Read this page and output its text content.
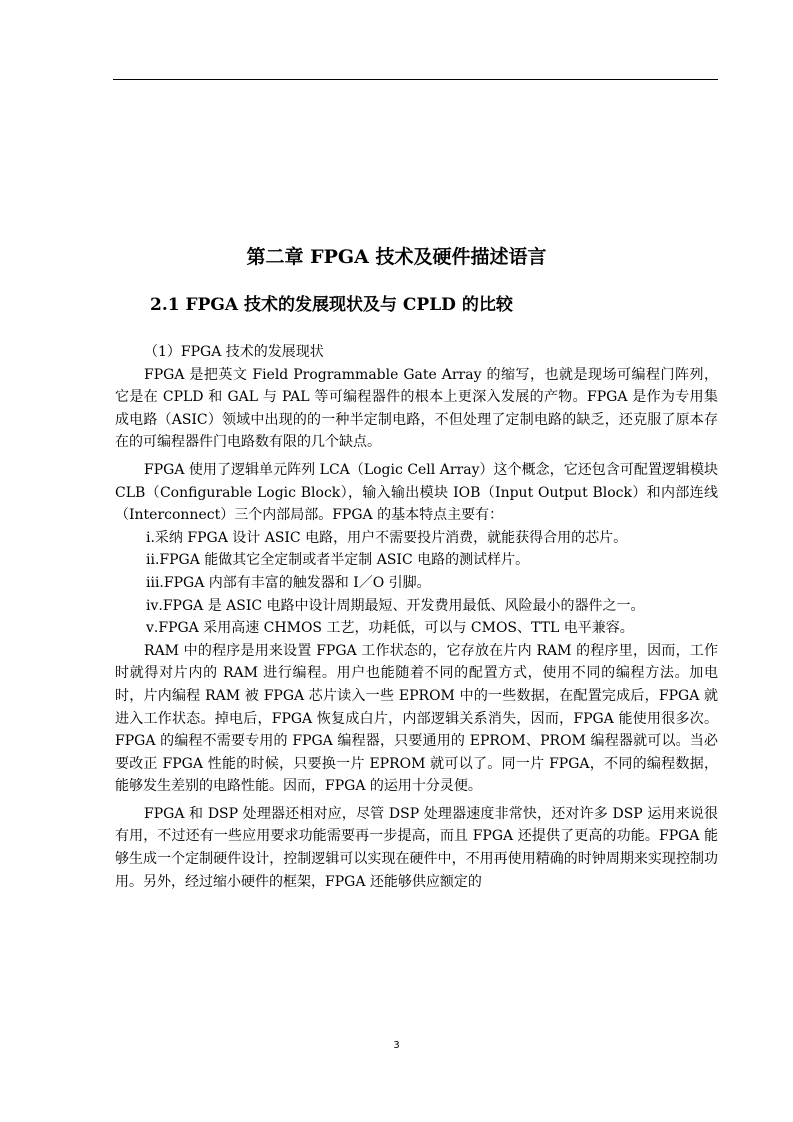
第二章 FPGA 技术及硬件描述语言
2.1 FPGA 技术的发展现状及与 CPLD 的比较

（1）FPGA 技术的发展现状

FPGA 是把英文 Field Programmable Gate Array 的缩写，也就是现场可编程门阵列，它是在 CPLD 和 GAL 与 PAL 等可编程器件的根本上更深入发展的产物。FPGA 是作为专用集成电路（ASIC）领域中出现的的一种半定制电路，不但处理了定制电路的缺乏，还克服了原本存在的可编程器件门电路数有限的几个缺点。

FPGA 使用了逻辑单元阵列 LCA（Logic Cell Array）这个概念，它还包含可配置逻辑模块 CLB（Configurable Logic Block），输入输出模块 IOB（Input Output Block）和内部连线（Interconnect）三个内部局部。FPGA 的基本特点主要有：

ⅰ.采纳 FPGA 设计 ASIC 电路，用户不需要投片消费，就能获得合用的芯片。

ⅱ.FPGA 能做其它全定制或者半定制 ASIC 电路的测试样片。

ⅲ.FPGA 内部有丰富的触发器和 I／O 引脚。

ⅳ.FPGA 是 ASIC 电路中设计周期最短、开发费用最低、风险最小的器件之一。

ⅴ.FPGA 采用高速 CHMOS 工艺，功耗低，可以与 CMOS、TTL 电平兼容。

RAM 中的程序是用来设置 FPGA 工作状态的，它存放在片内 RAM 的程序里，因而，工作时就得对片内的 RAM 进行编程。用户也能随着不同的配置方式，使用不同的编程方法。加电时，片内编程 RAM 被 FPGA 芯片读入一些 EPROM 中的一些数据，在配置完成后，FPGA 就进入工作状态。掉电后，FPGA 恢复成白片，内部逻辑关系消失，因而，FPGA 能使用很多次。FPGA 的编程不需要专用的 FPGA 编程器，只要通用的 EPROM、PROM 编程器就可以。当必要改正 FPGA 性能的时候，只要换一片 EPROM 就可以了。同一片 FPGA，不同的编程数据，能够发生差别的电路性能。因而，FPGA 的运用十分灵便。

FPGA 和 DSP 处理器还相对应，尽管 DSP 处理器速度非常快，还对许多 DSP 运用来说很有用，不过还有一些应用要求功能需要再一步提高，而且 FPGA 还提供了更高的功能。FPGA 能够生成一个定制硬件设计，控制逻辑可以实现在硬件中，不用再使用精确的时钟周期来实现控制功用。另外，经过缩小硬件的框架，FPGA 还能够供应额定的

3
